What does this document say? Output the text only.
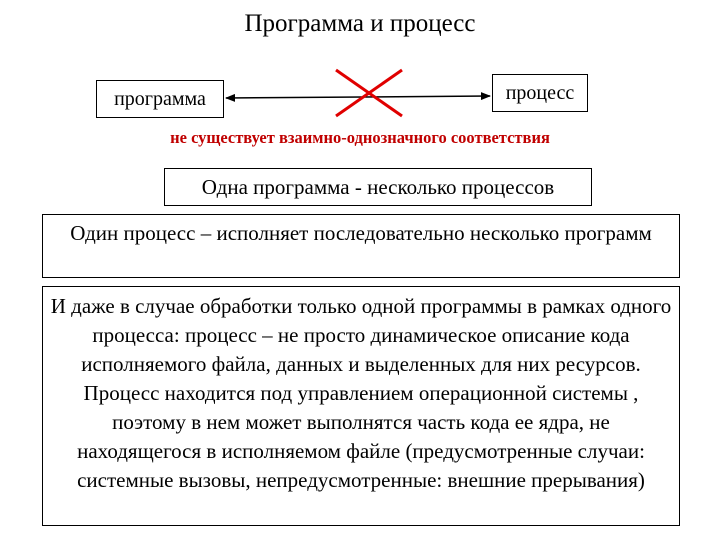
Программа и процесс
программа	процесс
не существует взаимно-однозначного соответствия
Одна программа - несколько процессов
Один процесс – исполняет последовательно несколько программ
И даже в случае обработки только одной программы в рамках одного процесса: процесс – не просто динамическое описание кода исполняемого файла, данных и выделенных для них ресурсов. Процесс находится под управлением операционной системы , поэтому в нем может выполнятся часть кода ее ядра, не находящегося в исполняемом файле (предусмотренные случаи: системные вызовы, непредусмотренные: внешние прерывания)
